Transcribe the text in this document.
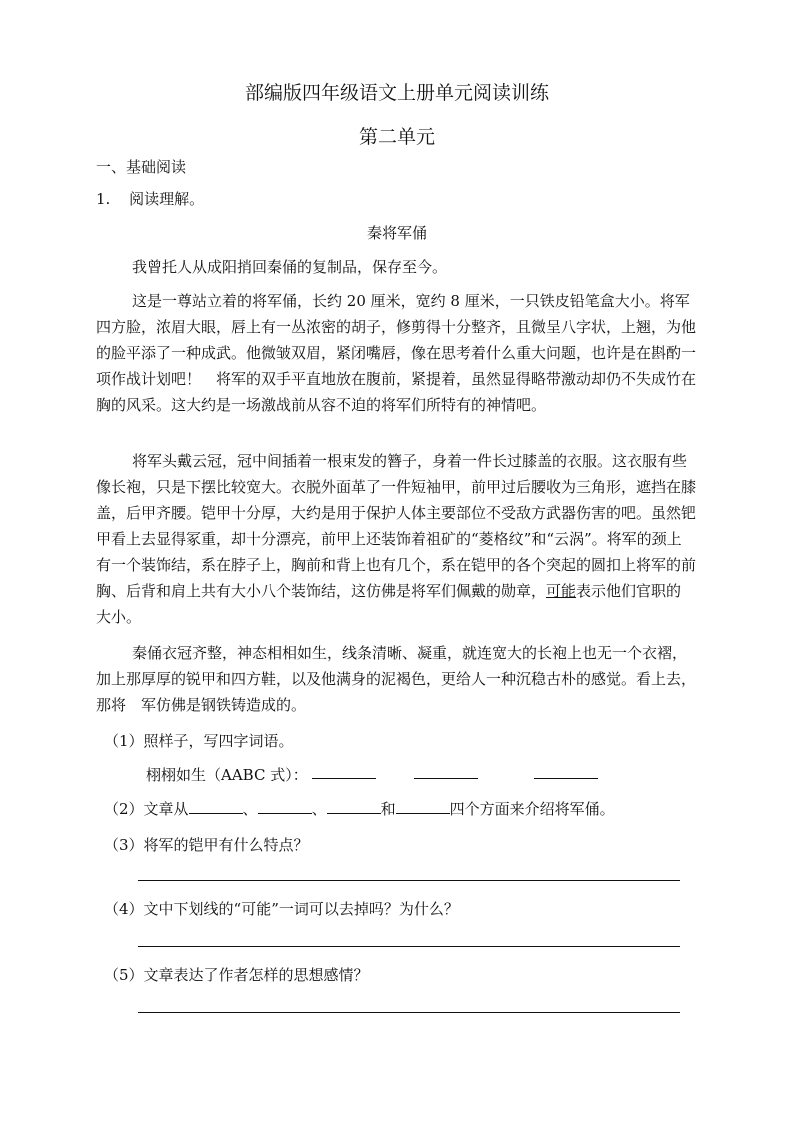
部编版四年级语文上册单元阅读训练
第二单元
一、基础阅读
1. 阅读理解。
秦将军俑
我曾托人从成阳捎回秦俑的复制品，保存至今。
这是一尊站立着的将军俑，长约 20 厘米，宽约 8 厘米，一只铁皮铅笔盒大小。将军四方脸，浓眉大眼，唇上有一丛浓密的胡子，修剪得十分整齐，且微呈八字状，上翘，为他的脸平添了一种成武。他微皱双眉，紧闭嘴唇，像在思考着什么重大问题，也许是在斟酌一项作战计划吧！　将军的双手平直地放在腹前，紧提着，虽然显得略带激动却仍不失成竹在胸的风采。这大约是一场激战前从容不迫的将军们所特有的神情吧。
将军头戴云冠，冠中间插着一根束发的簪子，身着一件长过膝盖的衣服。这衣服有些像长袍，只是下摆比较宽大。衣脱外面革了一件短袖甲，前甲过后腰收为三角形，遮挡在膝盖，后甲齐腰。铠甲十分厚，大约是用于保护人体主要部位不受敌方武器伤害的吧。虽然钯甲看上去显得冢重，却十分漂亮，前甲上还装饰着祖矿的“菱格纹”和“云涡”。将军的颈上有一个装饰结，系在脖子上，胸前和背上也有几个，系在铠甲的各个突起的圆扣上将军的前胸、后背和肩上共有大小八个装饰结，这仿佛是将军们佩戴的勋章，可能表示他们官职的大小。
秦俑衣冠齐整，神态相相如生，线条清晰、凝重，就连宽大的长袍上也无一个衣褶，加上那厚厚的锐甲和四方鞋，以及他满身的泥褐色，更给人一种沉稳古朴的感觉。看上去，那将　军仿佛是钢铁铸造成的。
（1）照样子，写四字词语。
栩栩如生（AABC 式）：
（2）文章从	、	、	和	四个方面来介绍将军俑。
（3）将军的铠甲有什么特点？
（4）文中下划线的“可能”一词可以去掉吗？为什么？
（5）文章表达了作者怎样的思想感情？
